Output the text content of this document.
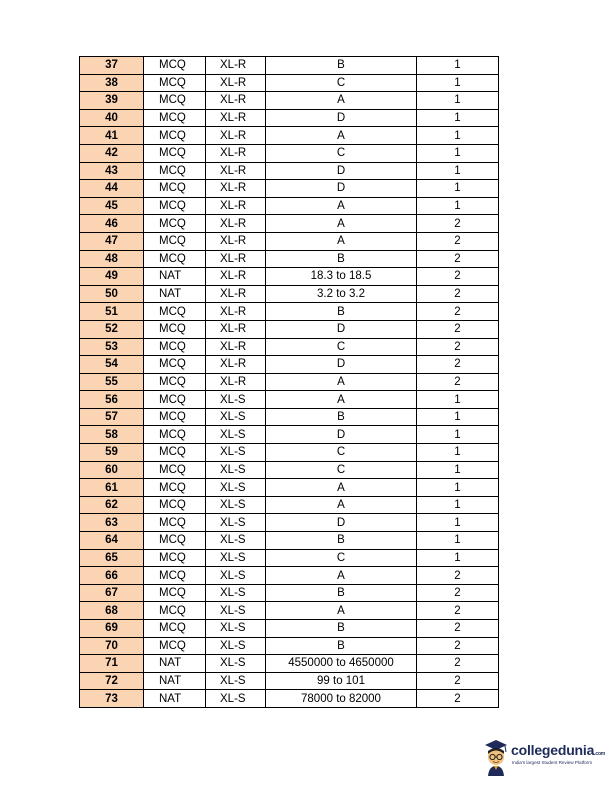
37	MCQ	XL-R	B	1
38	MCQ	XL-R	C	1
39	MCQ	XL-R	A	1
40	MCQ	XL-R	D	1
41	MCQ	XL-R	A	1
42	MCQ	XL-R	C	1
43	MCQ	XL-R	D	1
44	MCQ	XL-R	D	1
45	MCQ	XL-R	A	1
46	MCQ	XL-R	A	2
47	MCQ	XL-R	A	2
48	MCQ	XL-R	B	2
49	NAT	XL-R	18.3 to 18.5	2
50	NAT	XL-R	3.2 to 3.2	2
51	MCQ	XL-R	B	2
52	MCQ	XL-R	D	2
53	MCQ	XL-R	C	2
54	MCQ	XL-R	D	2
55	MCQ	XL-R	A	2
56	MCQ	XL-S	A	1
57	MCQ	XL-S	B	1
58	MCQ	XL-S	D	1
59	MCQ	XL-S	C	1
60	MCQ	XL-S	C	1
61	MCQ	XL-S	A	1
62	MCQ	XL-S	A	1
63	MCQ	XL-S	D	1
64	MCQ	XL-S	B	1
65	MCQ	XL-S	C	1
66	MCQ	XL-S	A	2
67	MCQ	XL-S	B	2
68	MCQ	XL-S	A	2
69	MCQ	XL-S	B	2
70	MCQ	XL-S	B	2
71	NAT	XL-S	4550000 to 4650000	2
72	NAT	XL-S	99 to 101	2
73	NAT	XL-S	78000 to 82000	2
collegedunia.com
India's largest Student Review Platform
